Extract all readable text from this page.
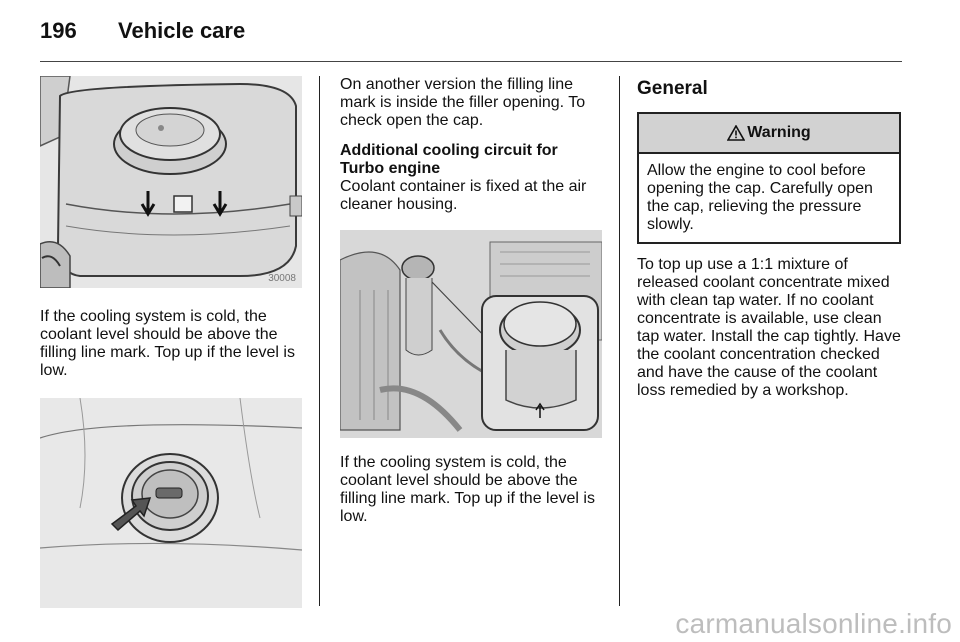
196	Vehicle care
30008

If the cooling system is cold, the coolant level should be above the filling line mark. Top up if the level is low.

On another version the filling line mark is inside the filler opening. To check open the cap.

Additional cooling circuit for Turbo engine

Coolant container is fixed at the air cleaner housing.

If the cooling system is cold, the coolant level should be above the filling line mark. Top up if the level is low.

General
Warning

Allow the engine to cool before opening the cap. Carefully open the cap, relieving the pressure slowly.

To top up use a 1:1 mixture of released coolant concentrate mixed with clean tap water. If no coolant concentrate is available, use clean tap water. Install the cap tightly. Have the coolant concentration checked and have the cause of the coolant loss remedied by a workshop.

carmanualsonline.info
